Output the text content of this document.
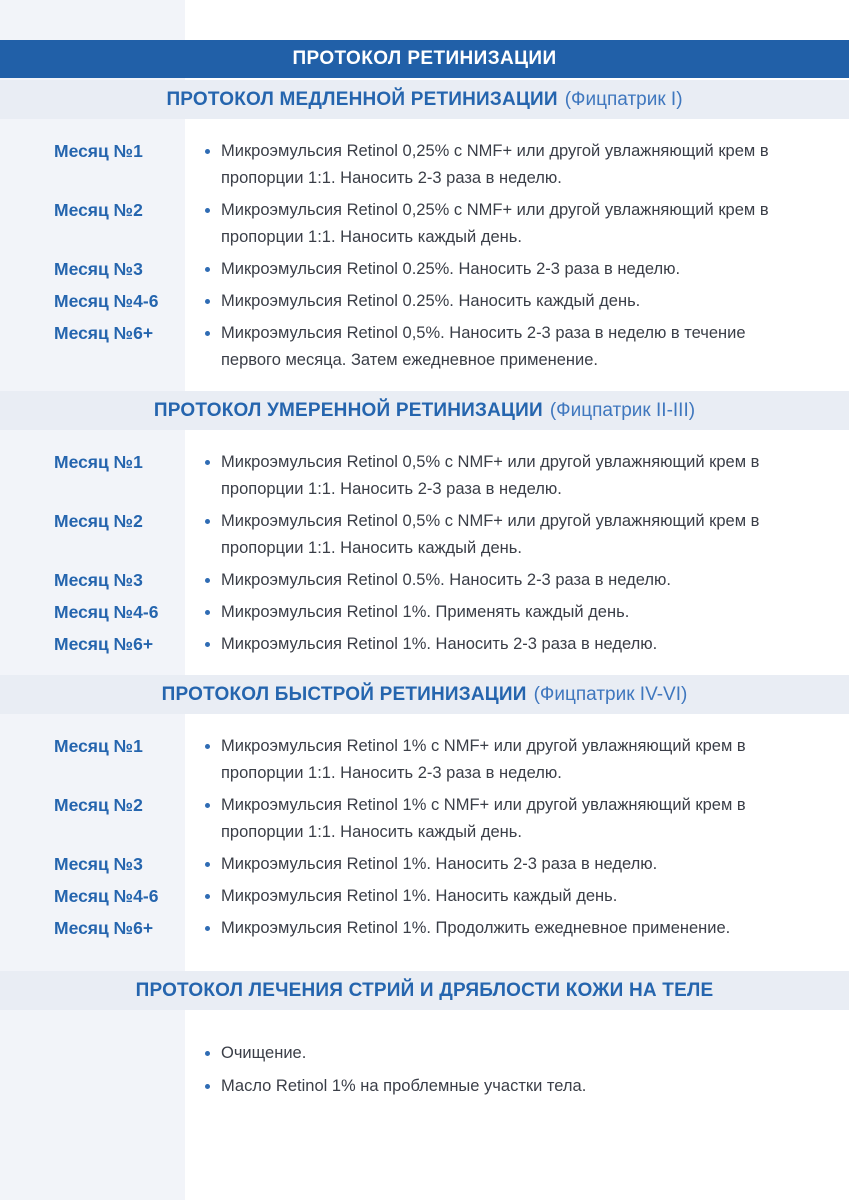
ПРОТОКОЛ РЕТИНИЗАЦИИ
ПРОТОКОЛ МЕДЛЕННОЙ РЕТИНИЗАЦИИ (Фицпатрик I)
Месяц №1	Микроэмульсия Retinol 0,25% с NMF+ или другой увлажняющий крем в пропорции 1:1. Наносить 2-3 раза в неделю.
Месяц №2	Микроэмульсия Retinol 0,25% с NMF+ или другой увлажняющий крем в пропорции 1:1. Наносить каждый день.
Месяц №3	Микроэмульсия Retinol 0.25%. Наносить 2-3 раза в неделю.
Месяц №4-6	Микроэмульсия Retinol 0.25%. Наносить каждый день.
Месяц №6+	Микроэмульсия Retinol 0,5%. Наносить 2-3 раза в неделю в течение первого месяца. Затем ежедневное применение.
ПРОТОКОЛ УМЕРЕННОЙ РЕТИНИЗАЦИИ (Фицпатрик II-III)
Месяц №1	Микроэмульсия Retinol 0,5% с NMF+ или другой увлажняющий крем в пропорции 1:1. Наносить 2-3 раза в неделю.
Месяц №2	Микроэмульсия Retinol 0,5% с NMF+ или другой увлажняющий крем в пропорции 1:1. Наносить каждый день.
Месяц №3	Микроэмульсия Retinol 0.5%. Наносить 2-3 раза в неделю.
Месяц №4-6	Микроэмульсия Retinol 1%. Применять каждый день.
Месяц №6+	Микроэмульсия Retinol 1%. Наносить 2-3 раза в неделю.
ПРОТОКОЛ БЫСТРОЙ РЕТИНИЗАЦИИ (Фицпатрик IV-VI)
Месяц №1	Микроэмульсия Retinol 1% с NMF+ или другой увлажняющий крем в пропорции 1:1. Наносить 2-3 раза в неделю.
Месяц №2	Микроэмульсия Retinol 1% с NMF+ или другой увлажняющий крем в пропорции 1:1. Наносить каждый день.
Месяц №3	Микроэмульсия Retinol 1%. Наносить 2-3 раза в неделю.
Месяц №4-6	Микроэмульсия Retinol 1%. Наносить каждый день.
Месяц №6+	Микроэмульсия Retinol 1%. Продолжить ежедневное применение.
ПРОТОКОЛ ЛЕЧЕНИЯ СТРИЙ И ДРЯБЛОСТИ КОЖИ НА ТЕЛЕ
Очищение.
Масло Retinol 1% на проблемные участки тела.
